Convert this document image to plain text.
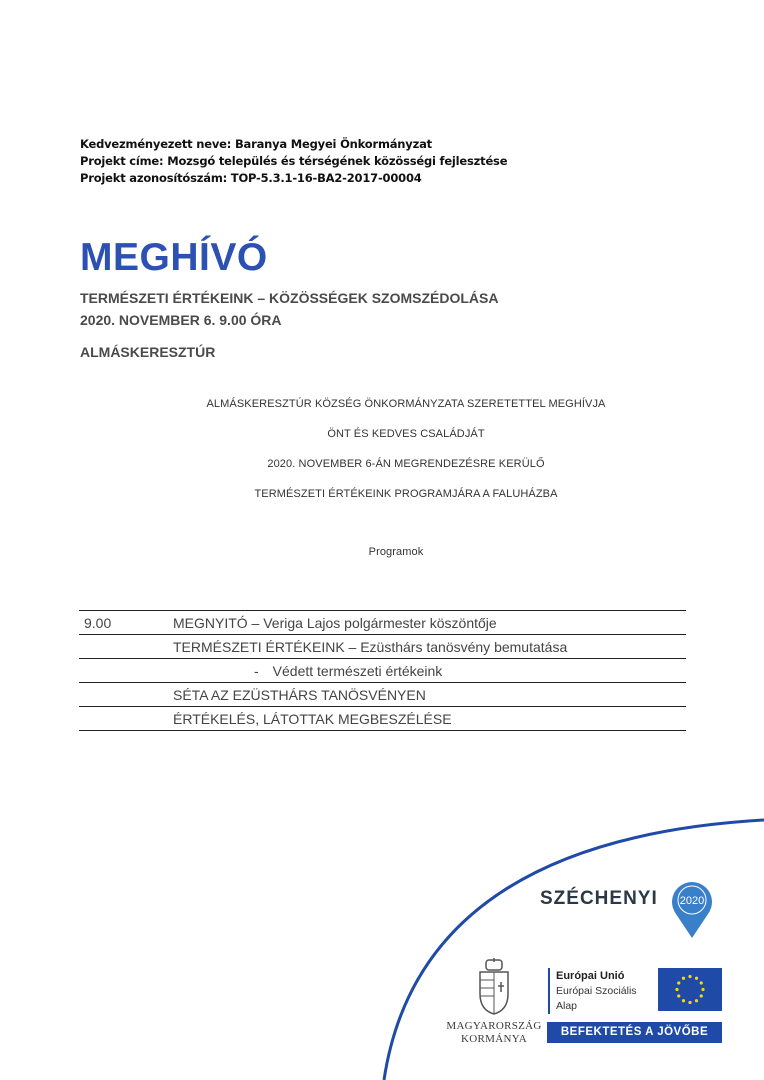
Kedvezményezett neve: Baranya Megyei Önkormányzat
Projekt címe: Mozsgó település és térségének közösségi fejlesztése
Projekt azonosítószám: TOP-5.3.1-16-BA2-2017-00004
MEGHÍVÓ
TERMÉSZETI ÉRTÉKEINK – KÖZÖSSÉGEK SZOMSZÉDOLÁSA
2020. NOVEMBER 6. 9.00 ÓRA
ALMÁSKERESZTÚR
ALMÁSKERESZTÚR KÖZSÉG ÖNKORMÁNYZATA SZERETETTEL MEGHÍVJA
ÖNT ÉS KEDVES CSALÁDJÁT
2020. NOVEMBER 6-ÁN MEGRENDEZÉSRE KERÜLŐ
TERMÉSZETI ÉRTÉKEINK PROGRAMJÁRA A FALUHÁZBA
Programok
9.00	MEGNYITÓ – Veriga Lajos polgármester köszöntője
	TERMÉSZETI ÉRTÉKEINK – Ezüsthárs tanösvény bemutatása
- Védett természeti értékeink	
	SÉTA AZ EZÜSTHÁRS TANÖSVÉNYEN
	ÉRTÉKELÉS, LÁTOTTAK MEGBESZÉLÉSE
SZÉCHENYI 2020
MAGYARORSZÁG
KORMÁNYA
Európai Unió
Európai Szociális
Alap
BEFEKTETÉS A JÖVŐBE
